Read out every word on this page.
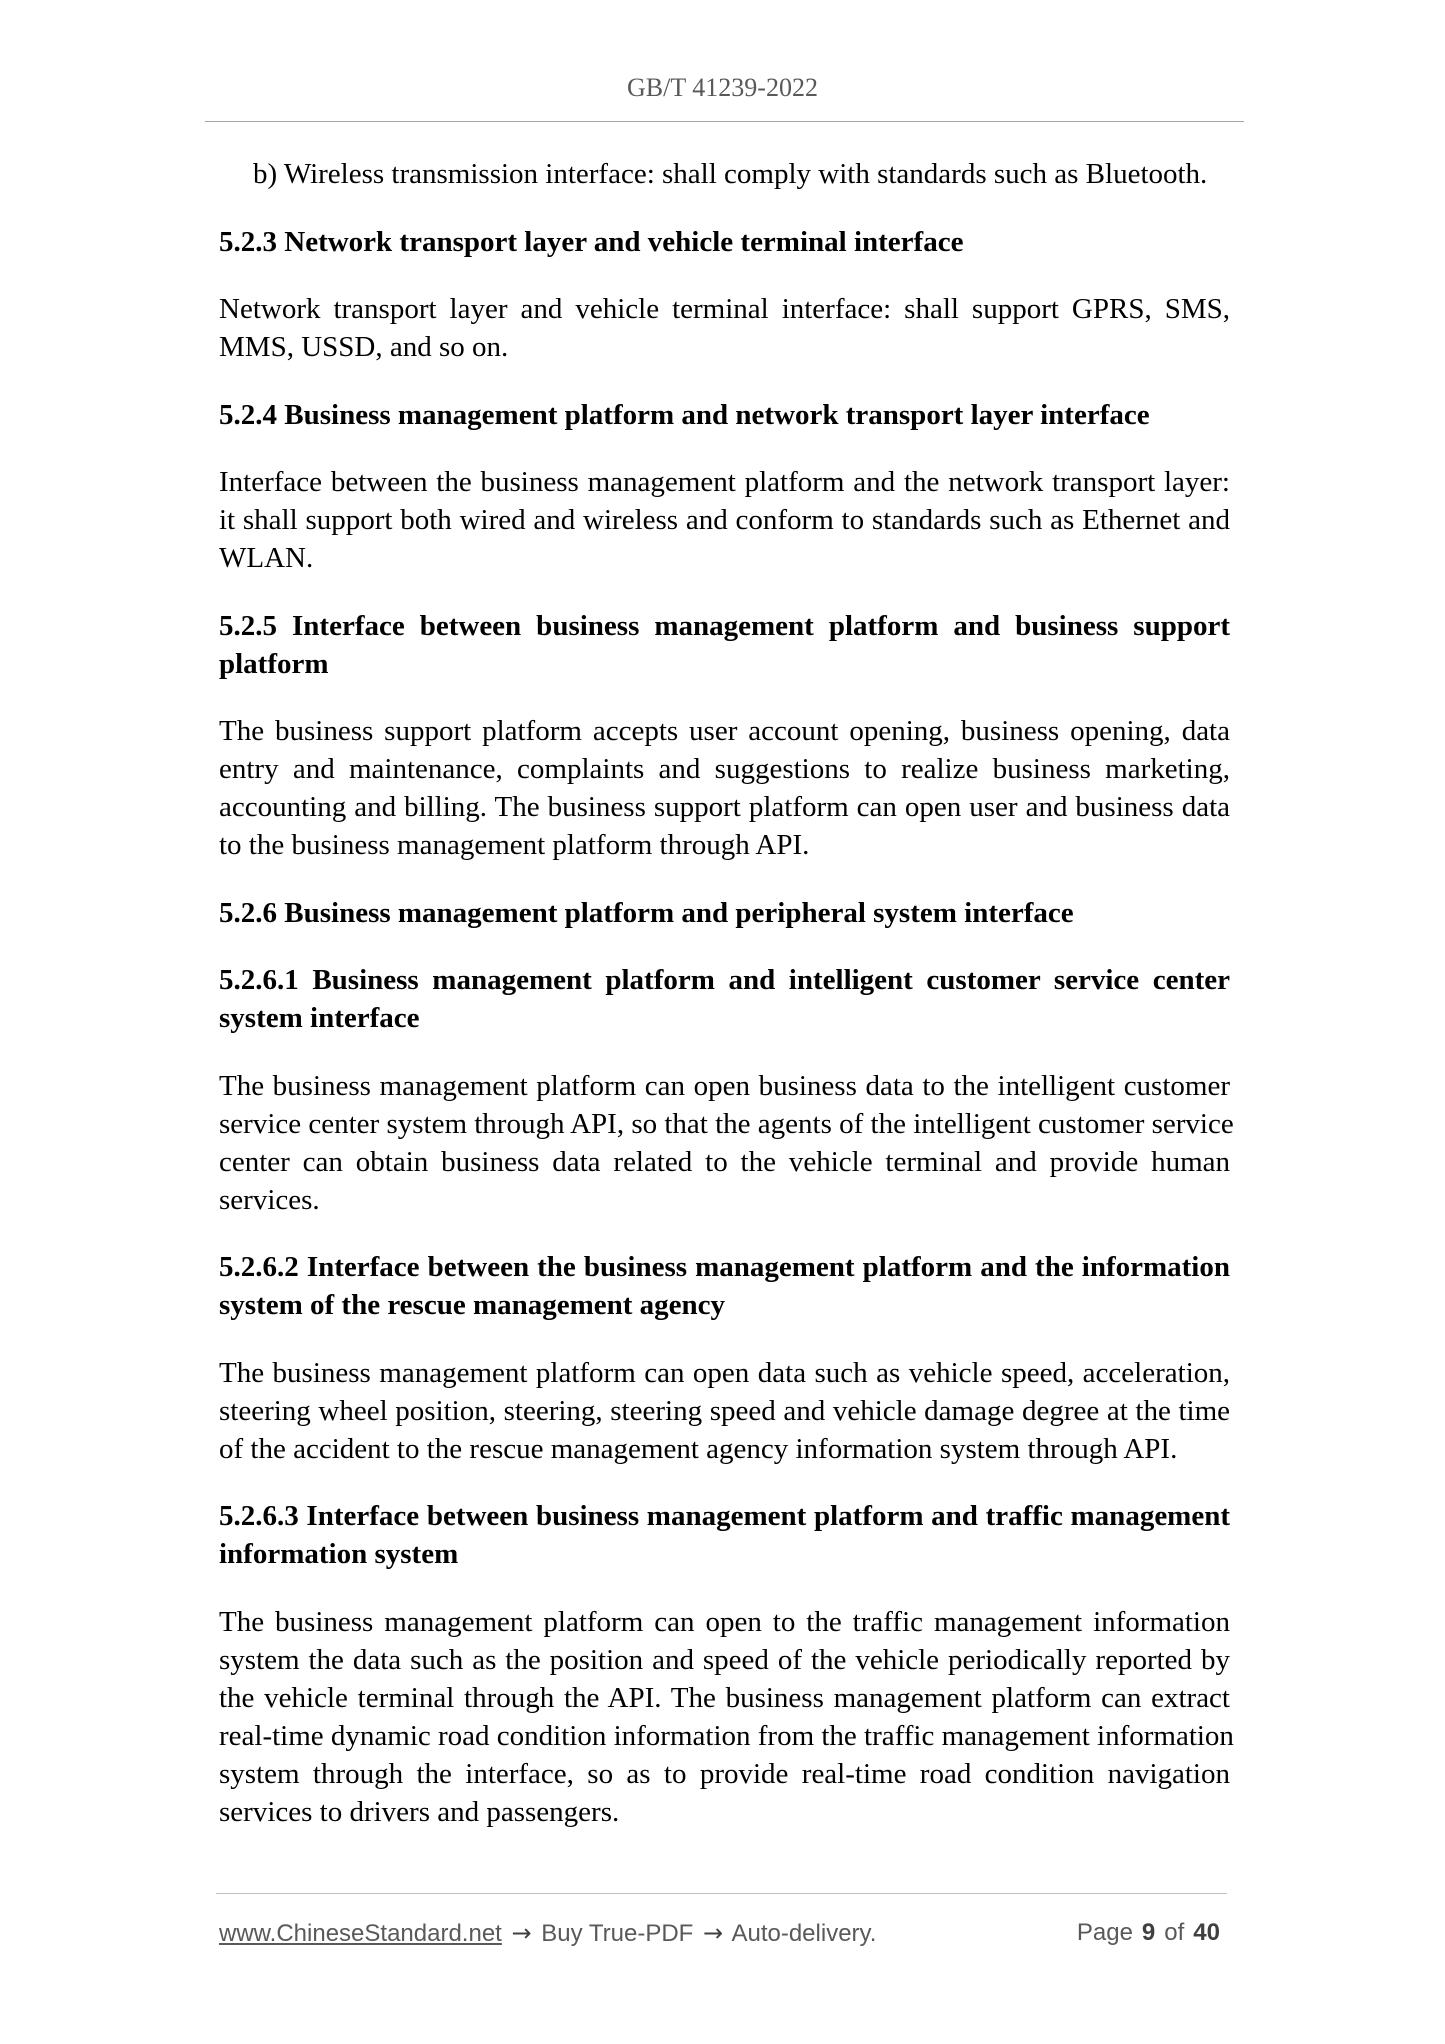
GB/T 41239-2022
b) Wireless transmission interface: shall comply with standards such as Bluetooth.
5.2.3 Network transport layer and vehicle terminal interface
Network transport layer and vehicle terminal interface: shall support GPRS, SMS,
MMS, USSD, and so on.
5.2.4 Business management platform and network transport layer interface
Interface between the business management platform and the network transport layer:
it shall support both wired and wireless and conform to standards such as Ethernet and
WLAN.
5.2.5 Interface between business management platform and business support
platform
The business support platform accepts user account opening, business opening, data
entry and maintenance, complaints and suggestions to realize business marketing,
accounting and billing. The business support platform can open user and business data
to the business management platform through API.
5.2.6 Business management platform and peripheral system interface
5.2.6.1 Business management platform and intelligent customer service center
system interface
The business management platform can open business data to the intelligent customer
service center system through API, so that the agents of the intelligent customer service
center can obtain business data related to the vehicle terminal and provide human
services.
5.2.6.2 Interface between the business management platform and the information
system of the rescue management agency
The business management platform can open data such as vehicle speed, acceleration,
steering wheel position, steering, steering speed and vehicle damage degree at the time
of the accident to the rescue management agency information system through API.
5.2.6.3 Interface between business management platform and traffic management
information system
The business management platform can open to the traffic management information
system the data such as the position and speed of the vehicle periodically reported by
the vehicle terminal through the API. The business management platform can extract
real-time dynamic road condition information from the traffic management information
system through the interface, so as to provide real-time road condition navigation
services to drivers and passengers.
www.ChineseStandard.net → Buy True-PDF → Auto-delivery.	Page 9 of 40
